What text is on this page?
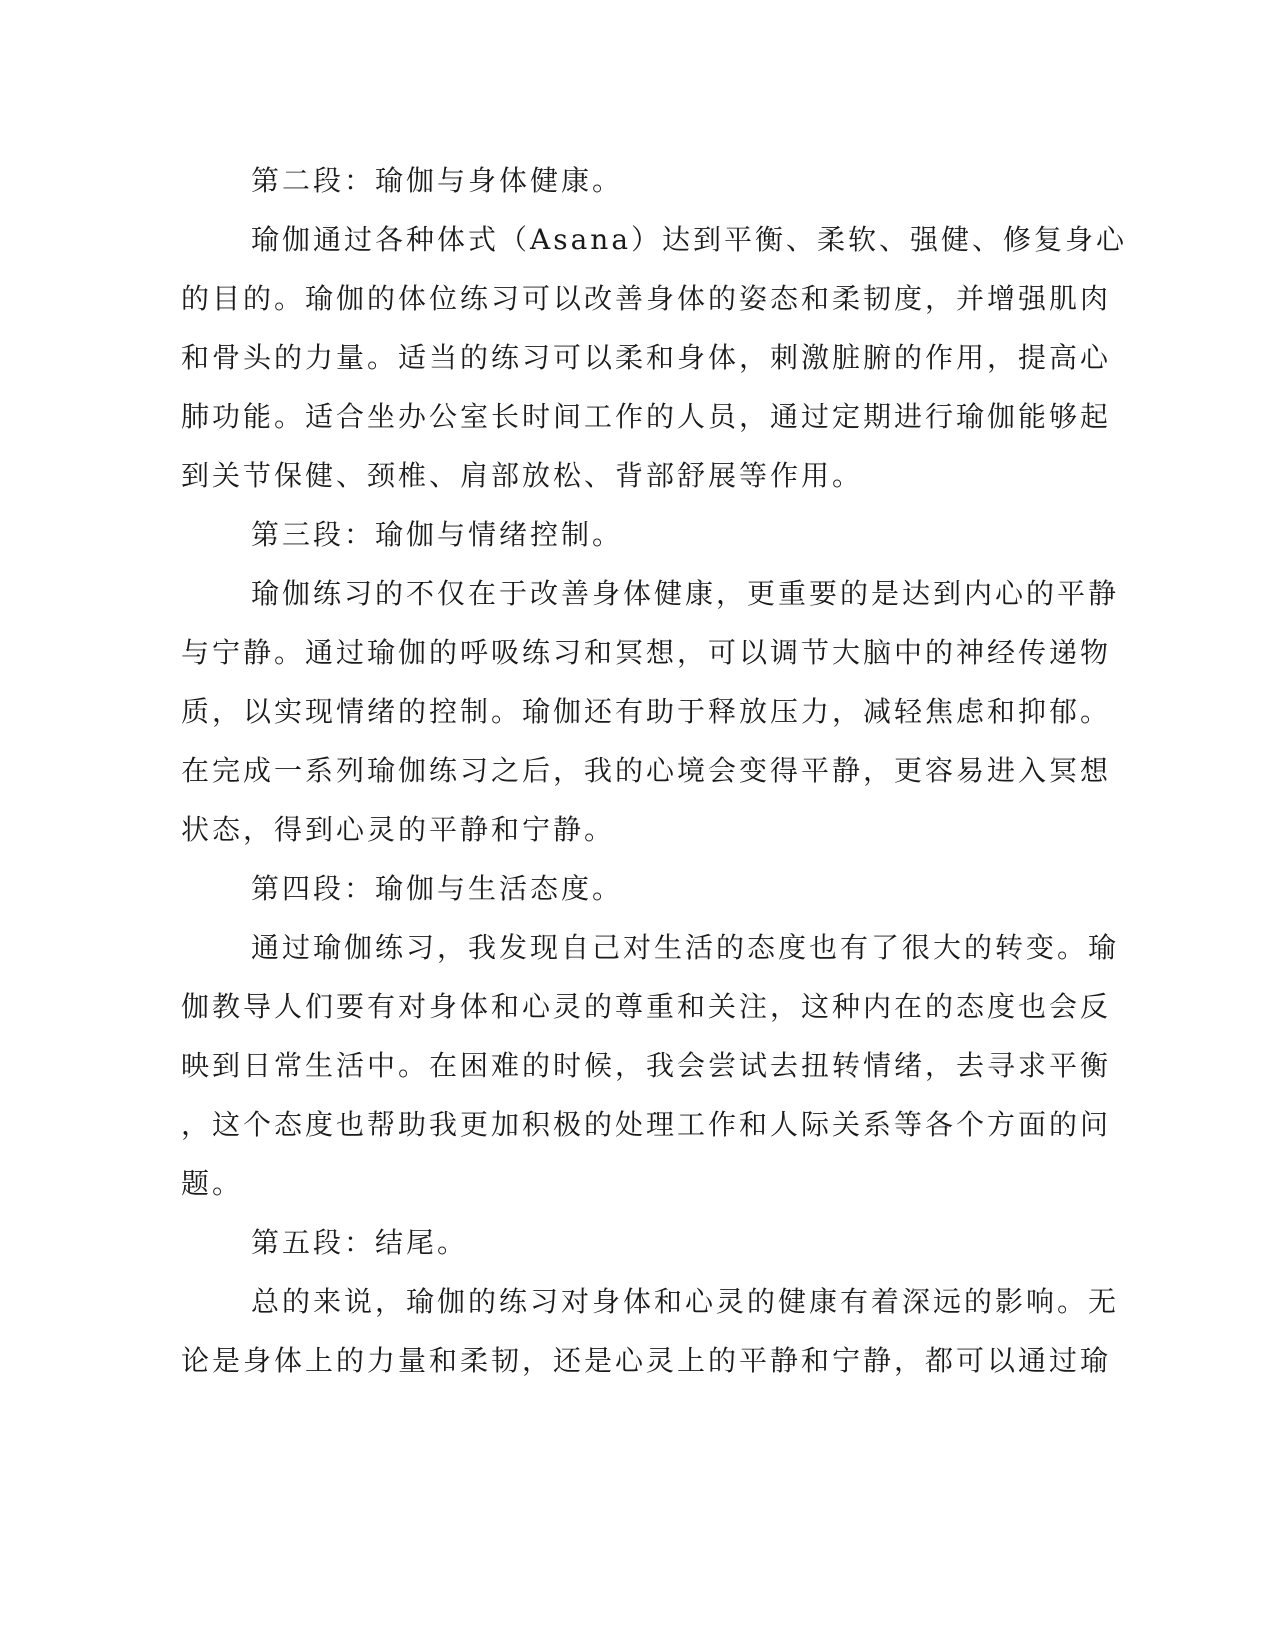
第二段：瑜伽与身体健康。
瑜伽通过各种体式（Asana）达到平衡、柔软、强健、修复身心
的目的。瑜伽的体位练习可以改善身体的姿态和柔韧度，并增强肌肉
和骨头的力量。适当的练习可以柔和身体，刺激脏腑的作用，提高心
肺功能。适合坐办公室长时间工作的人员，通过定期进行瑜伽能够起
到关节保健、颈椎、肩部放松、背部舒展等作用。
第三段：瑜伽与情绪控制。
瑜伽练习的不仅在于改善身体健康，更重要的是达到内心的平静
与宁静。通过瑜伽的呼吸练习和冥想，可以调节大脑中的神经传递物
质，以实现情绪的控制。瑜伽还有助于释放压力，减轻焦虑和抑郁。
在完成一系列瑜伽练习之后，我的心境会变得平静，更容易进入冥想
状态，得到心灵的平静和宁静。
第四段：瑜伽与生活态度。
通过瑜伽练习，我发现自己对生活的态度也有了很大的转变。瑜
伽教导人们要有对身体和心灵的尊重和关注，这种内在的态度也会反
映到日常生活中。在困难的时候，我会尝试去扭转情绪，去寻求平衡
，这个态度也帮助我更加积极的处理工作和人际关系等各个方面的问
题。
第五段：结尾。
总的来说，瑜伽的练习对身体和心灵的健康有着深远的影响。无
论是身体上的力量和柔韧，还是心灵上的平静和宁静，都可以通过瑜
